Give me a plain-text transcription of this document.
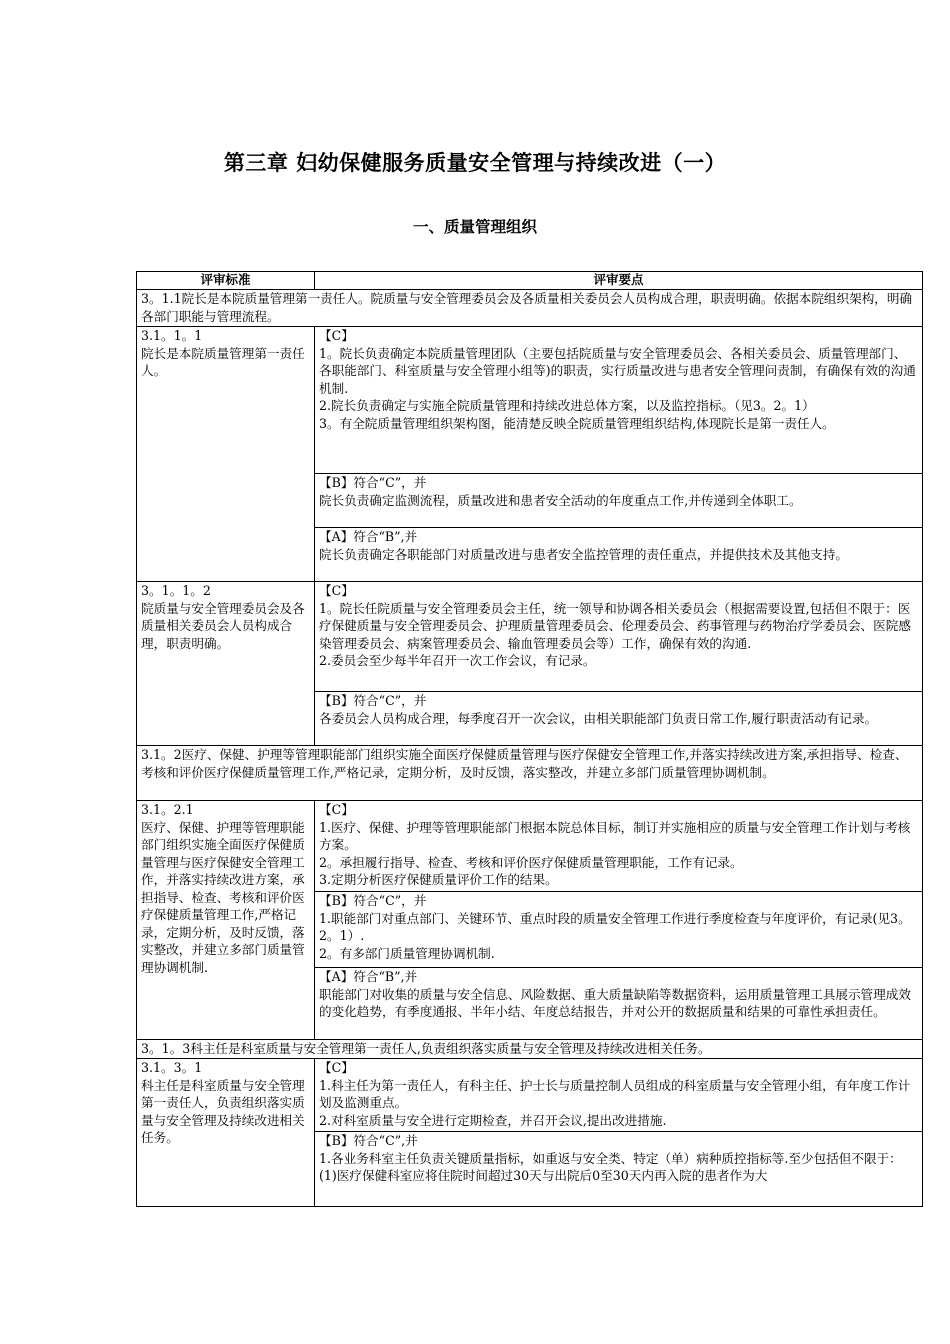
第三章 妇幼保健服务质量安全管理与持续改进（一）
一、质量管理组织
评审标准	评审要点
3。1.1院长是本院质量管理第一责任人。院质量与安全管理委员会及各质量相关委员会人员构成合理，职责明确。依据本院组织架构，明确各部门职能与管理流程。	

3.1。1。1
院长是本院质量管理第一责任人。	【C】
1。院长负责确定本院质量管理团队（主要包括院质量与安全管理委员会、各相关委员会、质量管理部门、各职能部门、科室质量与安全管理小组等)的职责，实行质量改进与患者安全管理问责制，有确保有效的沟通机制.
2.院长负责确定与实施全院质量管理和持续改进总体方案，以及监控指标。（见3。2。1）
3。有全院质量管理组织架构图，能清楚反映全院质量管理组织结构,体现院长是第一责任人。

	【B】符合“C”，并
院长负责确定监测流程，质量改进和患者安全活动的年度重点工作,并传递到全体职工。

	【A】符合“B”,并
院长负责确定各职能部门对质量改进与患者安全监控管理的责任重点，并提供技术及其他支持。

3。1。1。2
院质量与安全管理委员会及各质量相关委员会人员构成合理，职责明确。	【C】
1。院长任院质量与安全管理委员会主任，统一领导和协调各相关委员会（根据需要设置,包括但不限于：医疗保健质量与安全管理委员会、护理质量管理委员会、伦理委员会、药事管理与药物治疗学委员会、医院感染管理委员会、病案管理委员会、输血管理委员会等）工作，确保有效的沟通.
2.委员会至少每半年召开一次工作会议，有记录。

	【B】符合“C”，并
各委员会人员构成合理，每季度召开一次会议，由相关职能部门负责日常工作,履行职责活动有记录。

3.1。2医疗、保健、护理等管理职能部门组织实施全面医疗保健质量管理与医疗保健安全管理工作,并落实持续改进方案,承担指导、检查、考核和评价医疗保健质量管理工作,严格记录，定期分析，及时反馈，落实整改，并建立多部门质量管理协调机制。	

3.1。2.1
医疗、保健、护理等管理职能部门组织实施全面医疗保健质量管理与医疗保健安全管理工作，并落实持续改进方案，承担指导、检查、考核和评价医疗保健质量管理工作,严格记录，定期分析，及时反馈，落实整改，并建立多部门质量管理协调机制.	【C】
1.医疗、保健、护理等管理职能部门根据本院总体目标，制订并实施相应的质量与安全管理工作计划与考核方案。
2。承担履行指导、检查、考核和评价医疗保健质量管理职能，工作有记录。
3.定期分析医疗保健质量评价工作的结果。

	【B】符合“C”，并
1.职能部门对重点部门、关键环节、重点时段的质量安全管理工作进行季度检查与年度评价，有记录(见3。2。1）.
2。有多部门质量管理协调机制.

	【A】符合“B”,并
职能部门对收集的质量与安全信息、风险数据、重大质量缺陷等数据资料，运用质量管理工具展示管理成效的变化趋势，有季度通报、半年小结、年度总结报告，并对公开的数据质量和结果的可靠性承担责任。

3。1。3科主任是科室质量与安全管理第一责任人,负责组织落实质量与安全管理及持续改进相关任务。	

3.1。3。1
科主任是科室质量与安全管理第一责任人，负责组织落实质量与安全管理及持续改进相关任务。	【C】
1.科主任为第一责任人，有科主任、护士长与质量控制人员组成的科室质量与安全管理小组，有年度工作计划及监测重点。
2.对科室质量与安全进行定期检查，并召开会议,提出改进措施.

	【B】符合“C”,并
1.各业务科室主任负责关键质量指标，如重返与安全类、特定（单）病种质控指标等.至少包括但不限于：
(1)医疗保健科室应将住院时间超过30天与出院后0至30天内再入院的患者作为大
